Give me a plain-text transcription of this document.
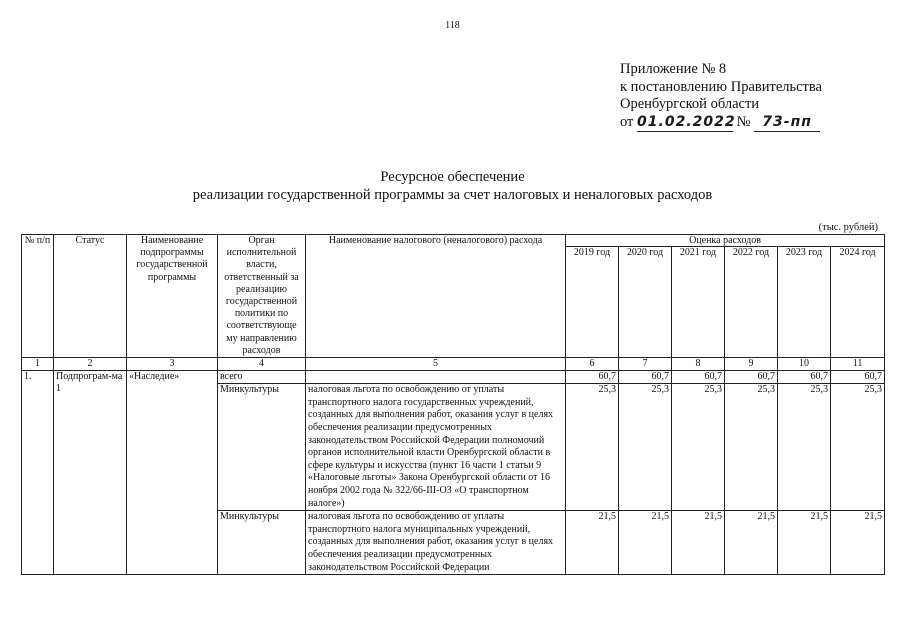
118
Приложение № 8
к постановлению Правительства
Оренбургской области
от 01.02.2022 № 73-пп
Ресурсное обеспечение
реализации государственной программы за счет налоговых и неналоговых расходов
(тыс. рублей)
№ п/п	Статус	Наименование подпрограммы государственной программы	Орган исполнительной власти, ответственный за реализацию государственной политики по соответствующе му направлению расходов	Наименование налогового (неналогового) расхода	Оценка расходов					
					2019 год	2020 год	2021 год	2022 год	2023 год	2024 год
1	2	3	4	5	6	7	8	9	10	11
1.	Подпрограм-ма 1	«Наследие»	всего		60,7	60,7	60,7	60,7	60,7	60,7
			Минкультуры	налоговая льгота по освобождению от уплаты транспортного налога государственных учреждений, созданных для выполнения работ, оказания услуг в целях обеспечения реализации предусмотренных законодательством Российской Федерации полномочий органов исполнительной власти Оренбургской области в сфере культуры и искусства (пункт 16 части 1 статьи 9 «Налоговые льготы» Закона Оренбургской области от 16 ноября 2002 года № 322/66-III-ОЗ «О транспортном налоге»)	25,3	25,3	25,3	25,3	25,3	25,3
			Минкультуры	налоговая льгота по освобождению от уплаты транспортного налога муниципальных учреждений, созданных для выполнения работ, оказания услуг в целях обеспечения реализации предусмотренных законодательством Российской Федерации	21,5	21,5	21,5	21,5	21,5	21,5
